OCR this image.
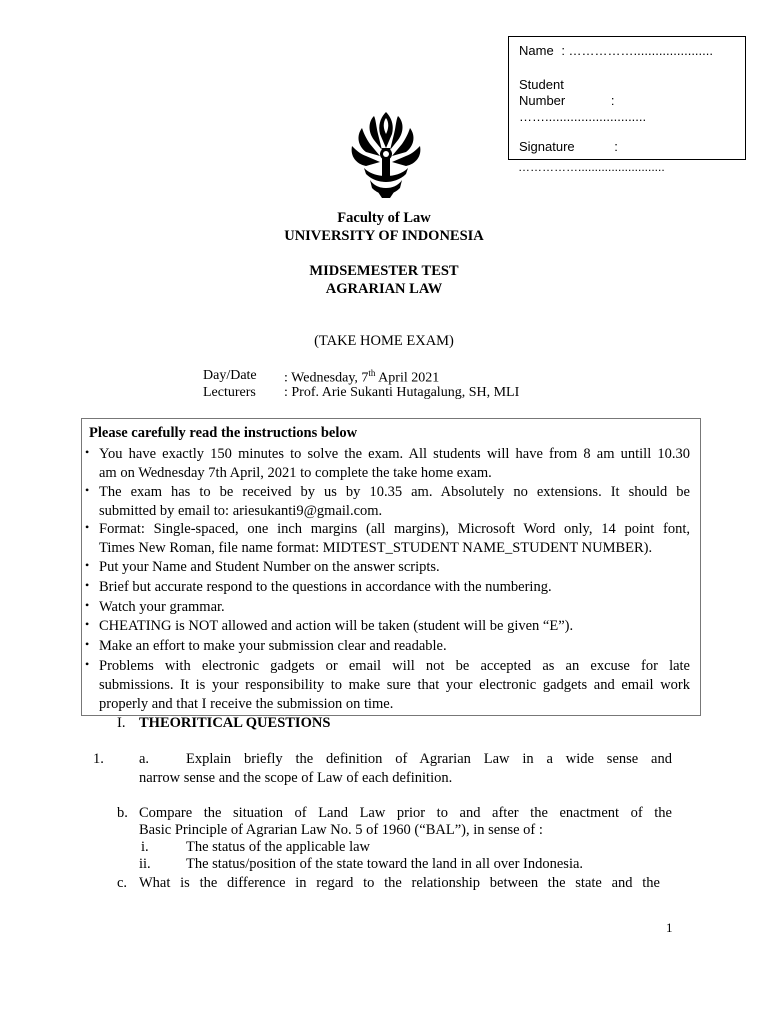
Name : ……………......................
Student
Number	:
……............................
Signature	:
……………..........................
Faculty of Law
UNIVERSITY OF INDONESIA
MIDSEMESTER TEST
AGRARIAN LAW
(TAKE HOME EXAM)
Day/Date : Wednesday, 7th April 2021
Lecturers : Prof. Arie Sukanti Hutagalung, SH, MLI
Please carefully read the instructions below
• You have exactly 150 minutes to solve the exam. All students will have from 8 am untill 10.30
am on Wednesday 7th April, 2021 to complete the take home exam.
• The exam has to be received by us by 10.35 am. Absolutely no extensions. It should be
submitted by email to: ariesukanti9@gmail.com.
• Format: Single-spaced, one inch margins (all margins), Microsoft Word only, 14 point font,
Times New Roman, file name format: MIDTEST_STUDENT NAME_STUDENT NUMBER).
• Put your Name and Student Number on the answer scripts.
• Brief but accurate respond to the questions in accordance with the numbering.
• Watch your grammar.
• CHEATING is NOT allowed and action will be taken (student will be given “E”).
• Make an effort to make your submission clear and readable.
• Problems with electronic gadgets or email will not be accepted as an excuse for late
submissions. It is your responsibility to make sure that your electronic gadgets and email work
properly and that I receive the submission on time.
I. THEORITICAL QUESTIONS
1. a.	Explain briefly the definition of Agrarian Law in a wide sense and
narrow sense and the scope of Law of each definition.
b. Compare the situation of Land Law prior to and after the enactment of the
Basic Principle of Agrarian Law No. 5 of 1960 (“BAL”), in sense of :
i.	The status of the applicable law
ii. The status/position of the state toward the land in all over Indonesia.
c. What is the difference in regard to the relationship between the state and the
1
